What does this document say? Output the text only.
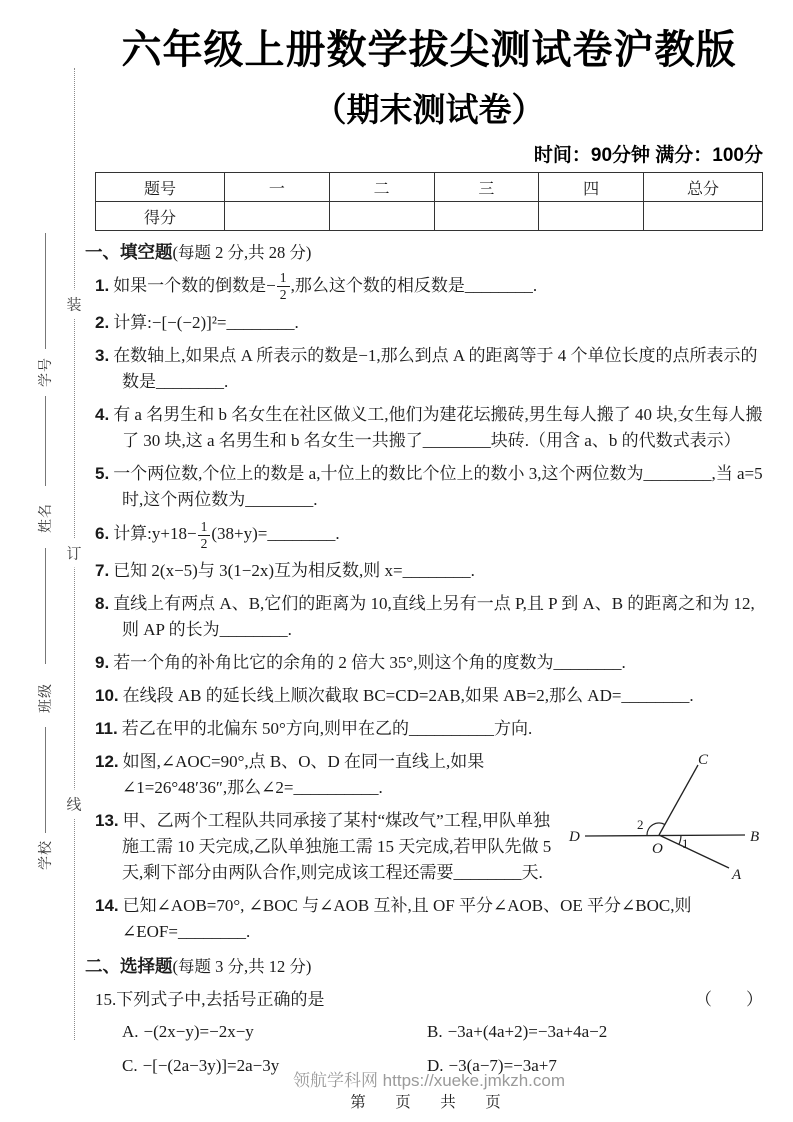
学号
姓名
班级
学校
装
订
线
六年级上册数学拔尖测试卷沪教版
（期末测试卷）
时间：90分钟 满分：100分
题号	一	二	三	四	总分
得分					
一、填空题(每题 2 分,共 28 分)
1. 如果一个数的倒数是− $\frac{1}{2}$ ,那么这个数的相反数是________.
2. 计算:−[−(−2)]²=________.
3. 在数轴上,如果点 A 所表示的数是−1,那么到点 A 的距离等于 4 个单位长度的点所表示的数是________.
4. 有 a 名男生和 b 名女生在社区做义工,他们为建花坛搬砖,男生每人搬了 40 块,女生每人搬了 30 块,这 a 名男生和 b 名女生一共搬了________块砖.（用含 a、b 的代数式表示）
5. 一个两位数,个位上的数是 a,十位上的数比个位上的数小 3,这个两位数为________,当 a=5 时,这个两位数为________.
6. 计算:y+18− $\frac{1}{2}$ (38+y)=________.
7. 已知 2(x−5)与 3(1−2x)互为相反数,则 x=________.
8. 直线上有两点 A、B,它们的距离为 10,直线上另有一点 P,且 P 到 A、B 的距离之和为 12,则 AP 的长为________.
9. 若一个角的补角比它的余角的 2 倍大 35°,则这个角的度数为________.
10. 在线段 AB 的延长线上顺次截取 BC=CD=2AB,如果 AB=2,那么 AD=________.
11. 若乙在甲的北偏东 50°方向,则甲在乙的__________方向.
C
D
O
B
A
2
1
12. 如图,∠AOC=90°,点 B、O、D 在同一直线上,如果∠1=26°48′36″,那么∠2=__________.
13. 甲、乙两个工程队共同承接了某村“煤改气”工程,甲队单独施工需 10 天完成,乙队单独施工需 15 天完成,若甲队先做 5 天,剩下部分由两队合作,则完成该工程还需要________天.
14. 已知∠AOB=70°, ∠BOC 与∠AOB 互补,且 OF 平分∠AOB、OE 平分∠BOC,则∠EOF=________.
二、选择题(每题 3 分,共 12 分)
15.下列式子中,去括号正确的是	（　　）
A. −(2x−y)=−2x−y	B. −3a+(4a+2)=−3a+4a−2
C. −[−(2a−3y)]=2a−3y	D. −3(a−7)=−3a+7
领航学科网 https://xueke.jmkzh.com
第　页　共　页
